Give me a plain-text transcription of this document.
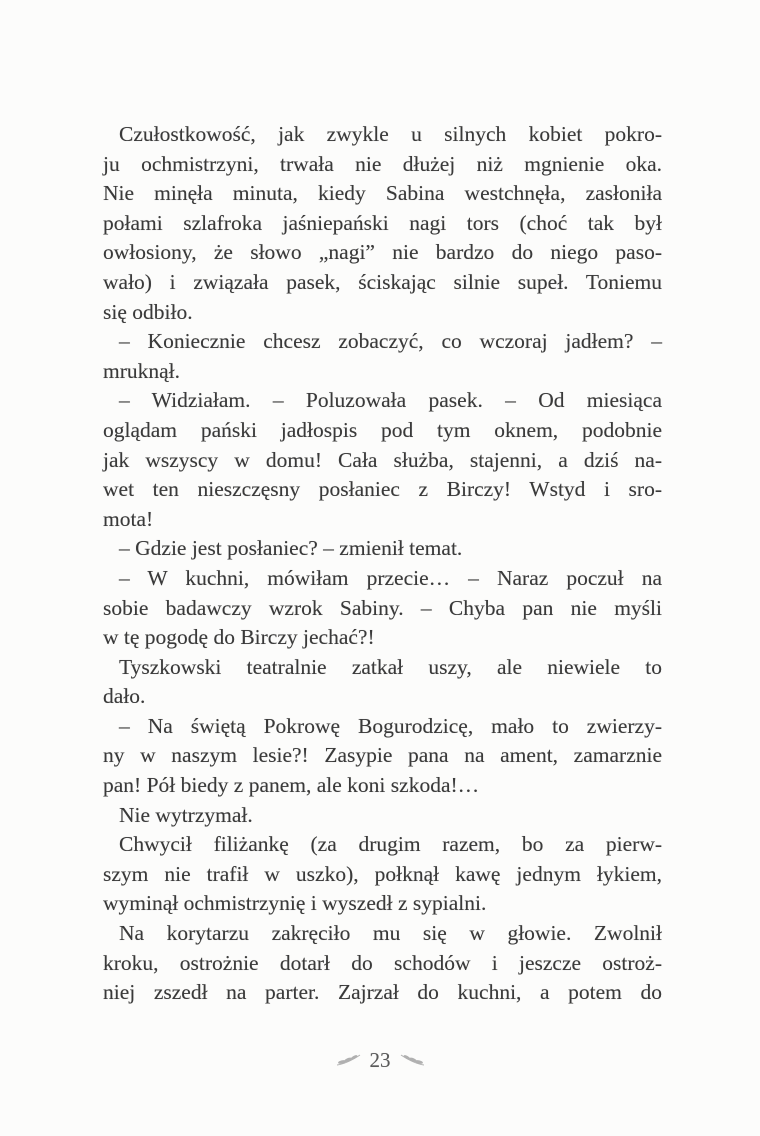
Czułostkowość, jak zwykle u silnych kobiet pokro-
ju ochmistrzyni, trwała nie dłużej niż mgnienie oka.
Nie minęła minuta, kiedy Sabina westchnęła, zasłoniła
połami szlafroka jaśniepański nagi tors (choć tak był
owłosiony, że słowo „nagi” nie bardzo do niego paso-
wało) i związała pasek, ściskając silnie supeł. Toniemu
się odbiło.
– Koniecznie chcesz zobaczyć, co wczoraj jadłem? –
mruknął.
– Widziałam. – Poluzowała pasek. – Od miesiąca
oglądam pański jadłospis pod tym oknem, podobnie
jak wszyscy w domu! Cała służba, stajenni, a dziś na-
wet ten nieszczęsny posłaniec z Birczy! Wstyd i sro-
mota!
– Gdzie jest posłaniec? – zmienił temat.
– W kuchni, mówiłam przecie… – Naraz poczuł na
sobie badawczy wzrok Sabiny. – Chyba pan nie myśli
w tę pogodę do Birczy jechać?!
Tyszkowski teatralnie zatkał uszy, ale niewiele to
dało.
– Na świętą Pokrowę Bogurodzicę, mało to zwierzy-
ny w naszym lesie?! Zasypie pana na ament, zamarznie
pan! Pół biedy z panem, ale koni szkoda!…
Nie wytrzymał.
Chwycił filiżankę (za drugim razem, bo za pierw-
szym nie trafił w uszko), połknął kawę jednym łykiem,
wyminął ochmistrzynię i wyszedł z sypialni.
Na korytarzu zakręciło mu się w głowie. Zwolnił
kroku, ostrożnie dotarł do schodów i jeszcze ostroż-
niej zszedł na parter. Zajrzał do kuchni, a potem do
23
